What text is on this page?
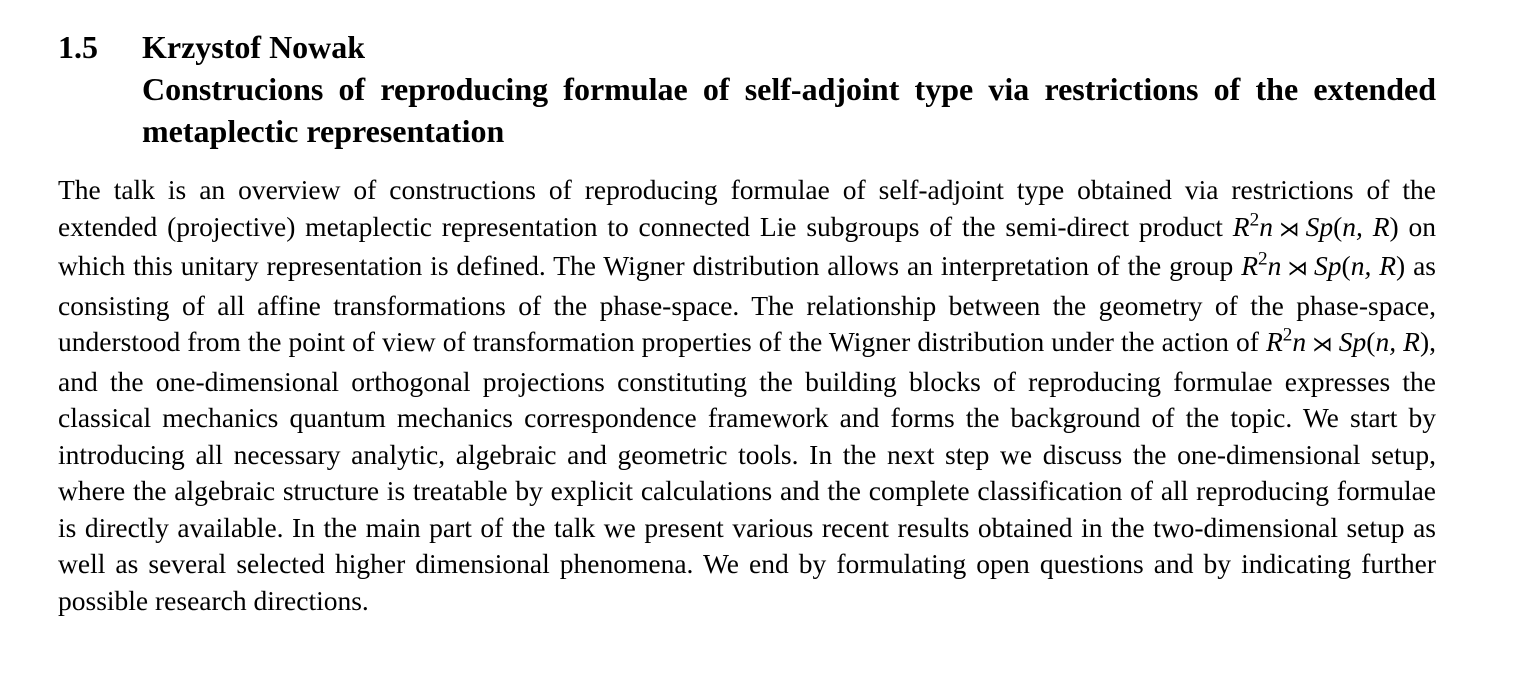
1.5 Krzystof Nowak
Construcions of reproducing formulae of self-adjoint type via restrictions of the extended metaplectic representation

The talk is an overview of constructions of reproducing formulae of self-adjoint type obtained via restrictions of the extended (projective) metaplectic representation to connected Lie subgroups of the semi-direct product $R^2n$ ⋊ Sp(n, R) on which this unitary representation is defined. The Wigner distribution allows an interpretation of the group $R^2n$ ⋊ Sp(n, R) as consisting of all affine transformations of the phase-space. The relationship between the geometry of the phase-space, understood from the point of view of transformation properties of the Wigner distribution under the action of $R^2n$ ⋊ Sp(n, R), and the one-dimensional orthogonal projections constituting the building blocks of reproducing formulae expresses the classical mechanics quantum mechanics correspondence framework and forms the background of the topic. We start by introducing all necessary analytic, algebraic and geometric tools. In the next step we discuss the one-dimensional setup, where the algebraic structure is treatable by explicit calculations and the complete classification of all reproducing formulae is directly available. In the main part of the talk we present various recent results obtained in the two-dimensional setup as well as several selected higher dimensional phenomena. We end by formulating open questions and by indicating further possible research directions.
